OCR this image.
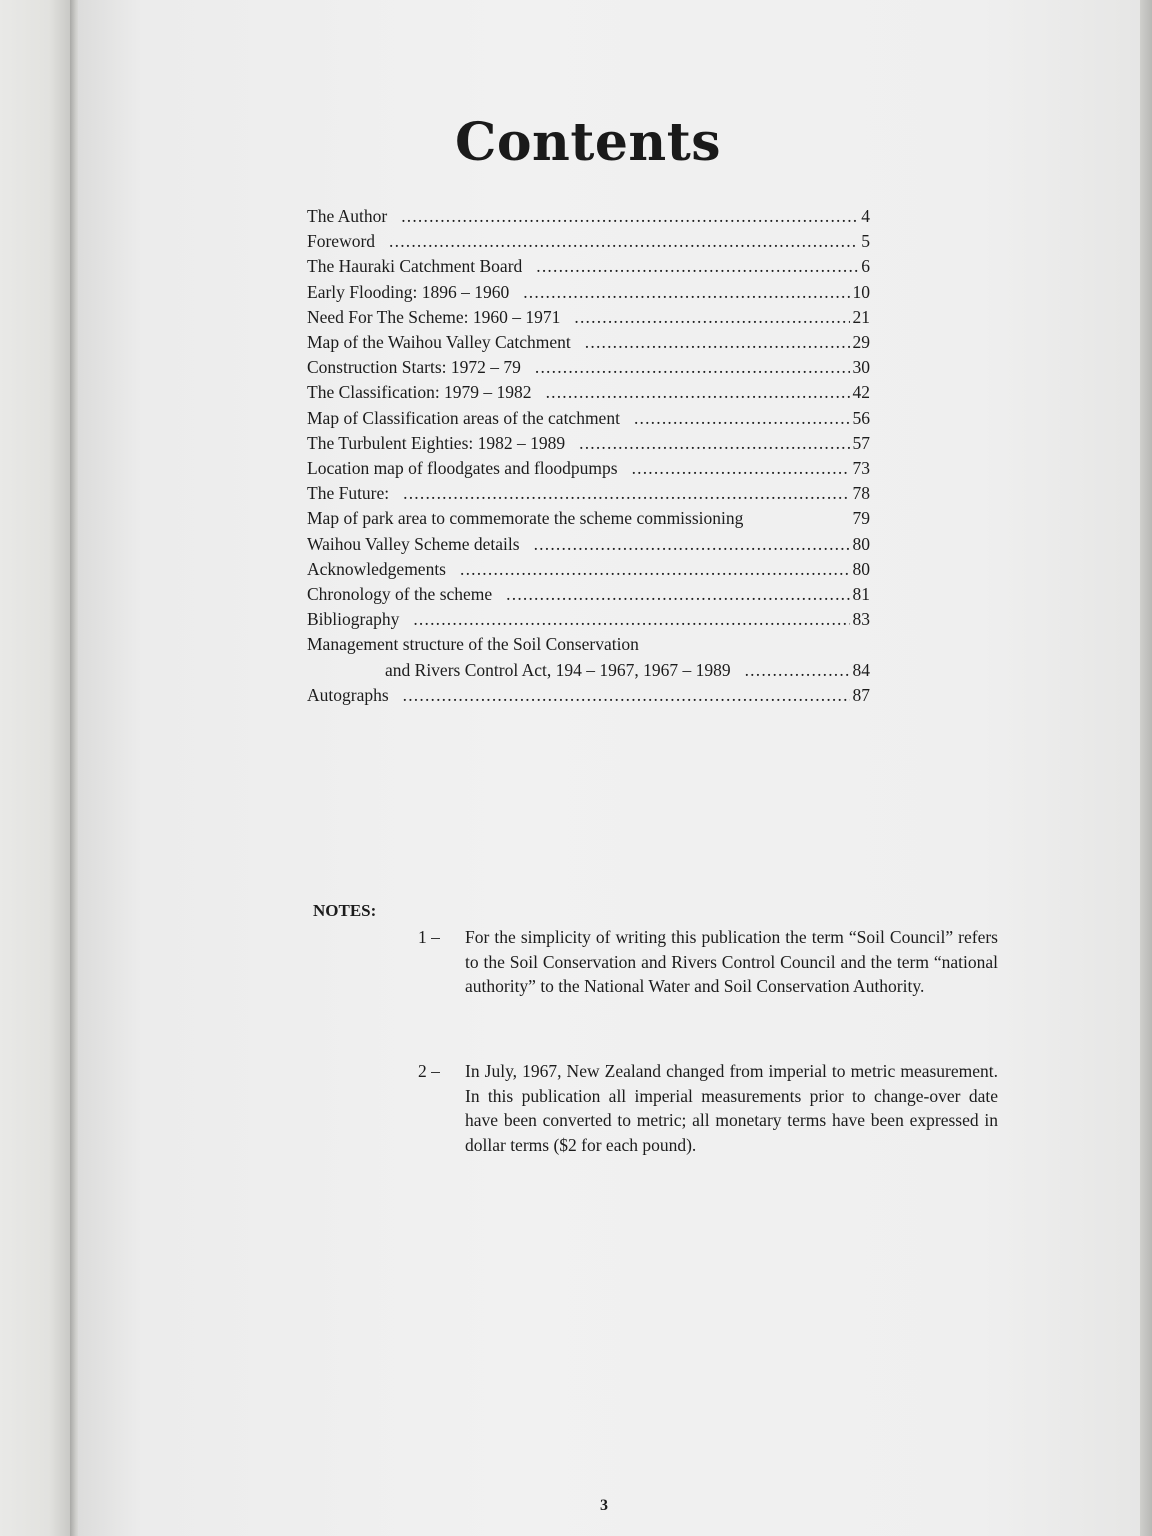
Contents
The Author .....	4
Foreword .....	5
The Hauraki Catchment Board .....	6
Early Flooding: 1896 – 1960 .....	10
Need For The Scheme: 1960 – 1971 .....	21
Map of the Waihou Valley Catchment .....	29
Construction Starts: 1972 – 79 .....	30
The Classification: 1979 – 1982 .....	42
Map of Classification areas of the catchment .....	56
The Turbulent Eighties: 1982 – 1989 .....	57
Location map of floodgates and floodpumps .....	73
The Future: .....	78
Map of park area to commemorate the scheme commissioning	79
Waihou Valley Scheme details .....	80
Acknowledgements .....	80
Chronology of the scheme .....	81
Bibliography .....	83
Management structure of the Soil Conservation
and Rivers Control Act, 194 – 1967, 1967 – 1989 .....	84
Autographs .....	87
NOTES:
1 –	For the simplicity of writing this publication the term “Soil Council” refers to the Soil Conservation and Rivers Control Council and the term “national authority” to the National Water and Soil Conservation Authority.
2 –	In July, 1967, New Zealand changed from imperial to metric measurement. In this publication all imperial measurements prior to change-over date have been converted to metric; all monetary terms have been expressed in dollar terms ($2 for each pound).
3
